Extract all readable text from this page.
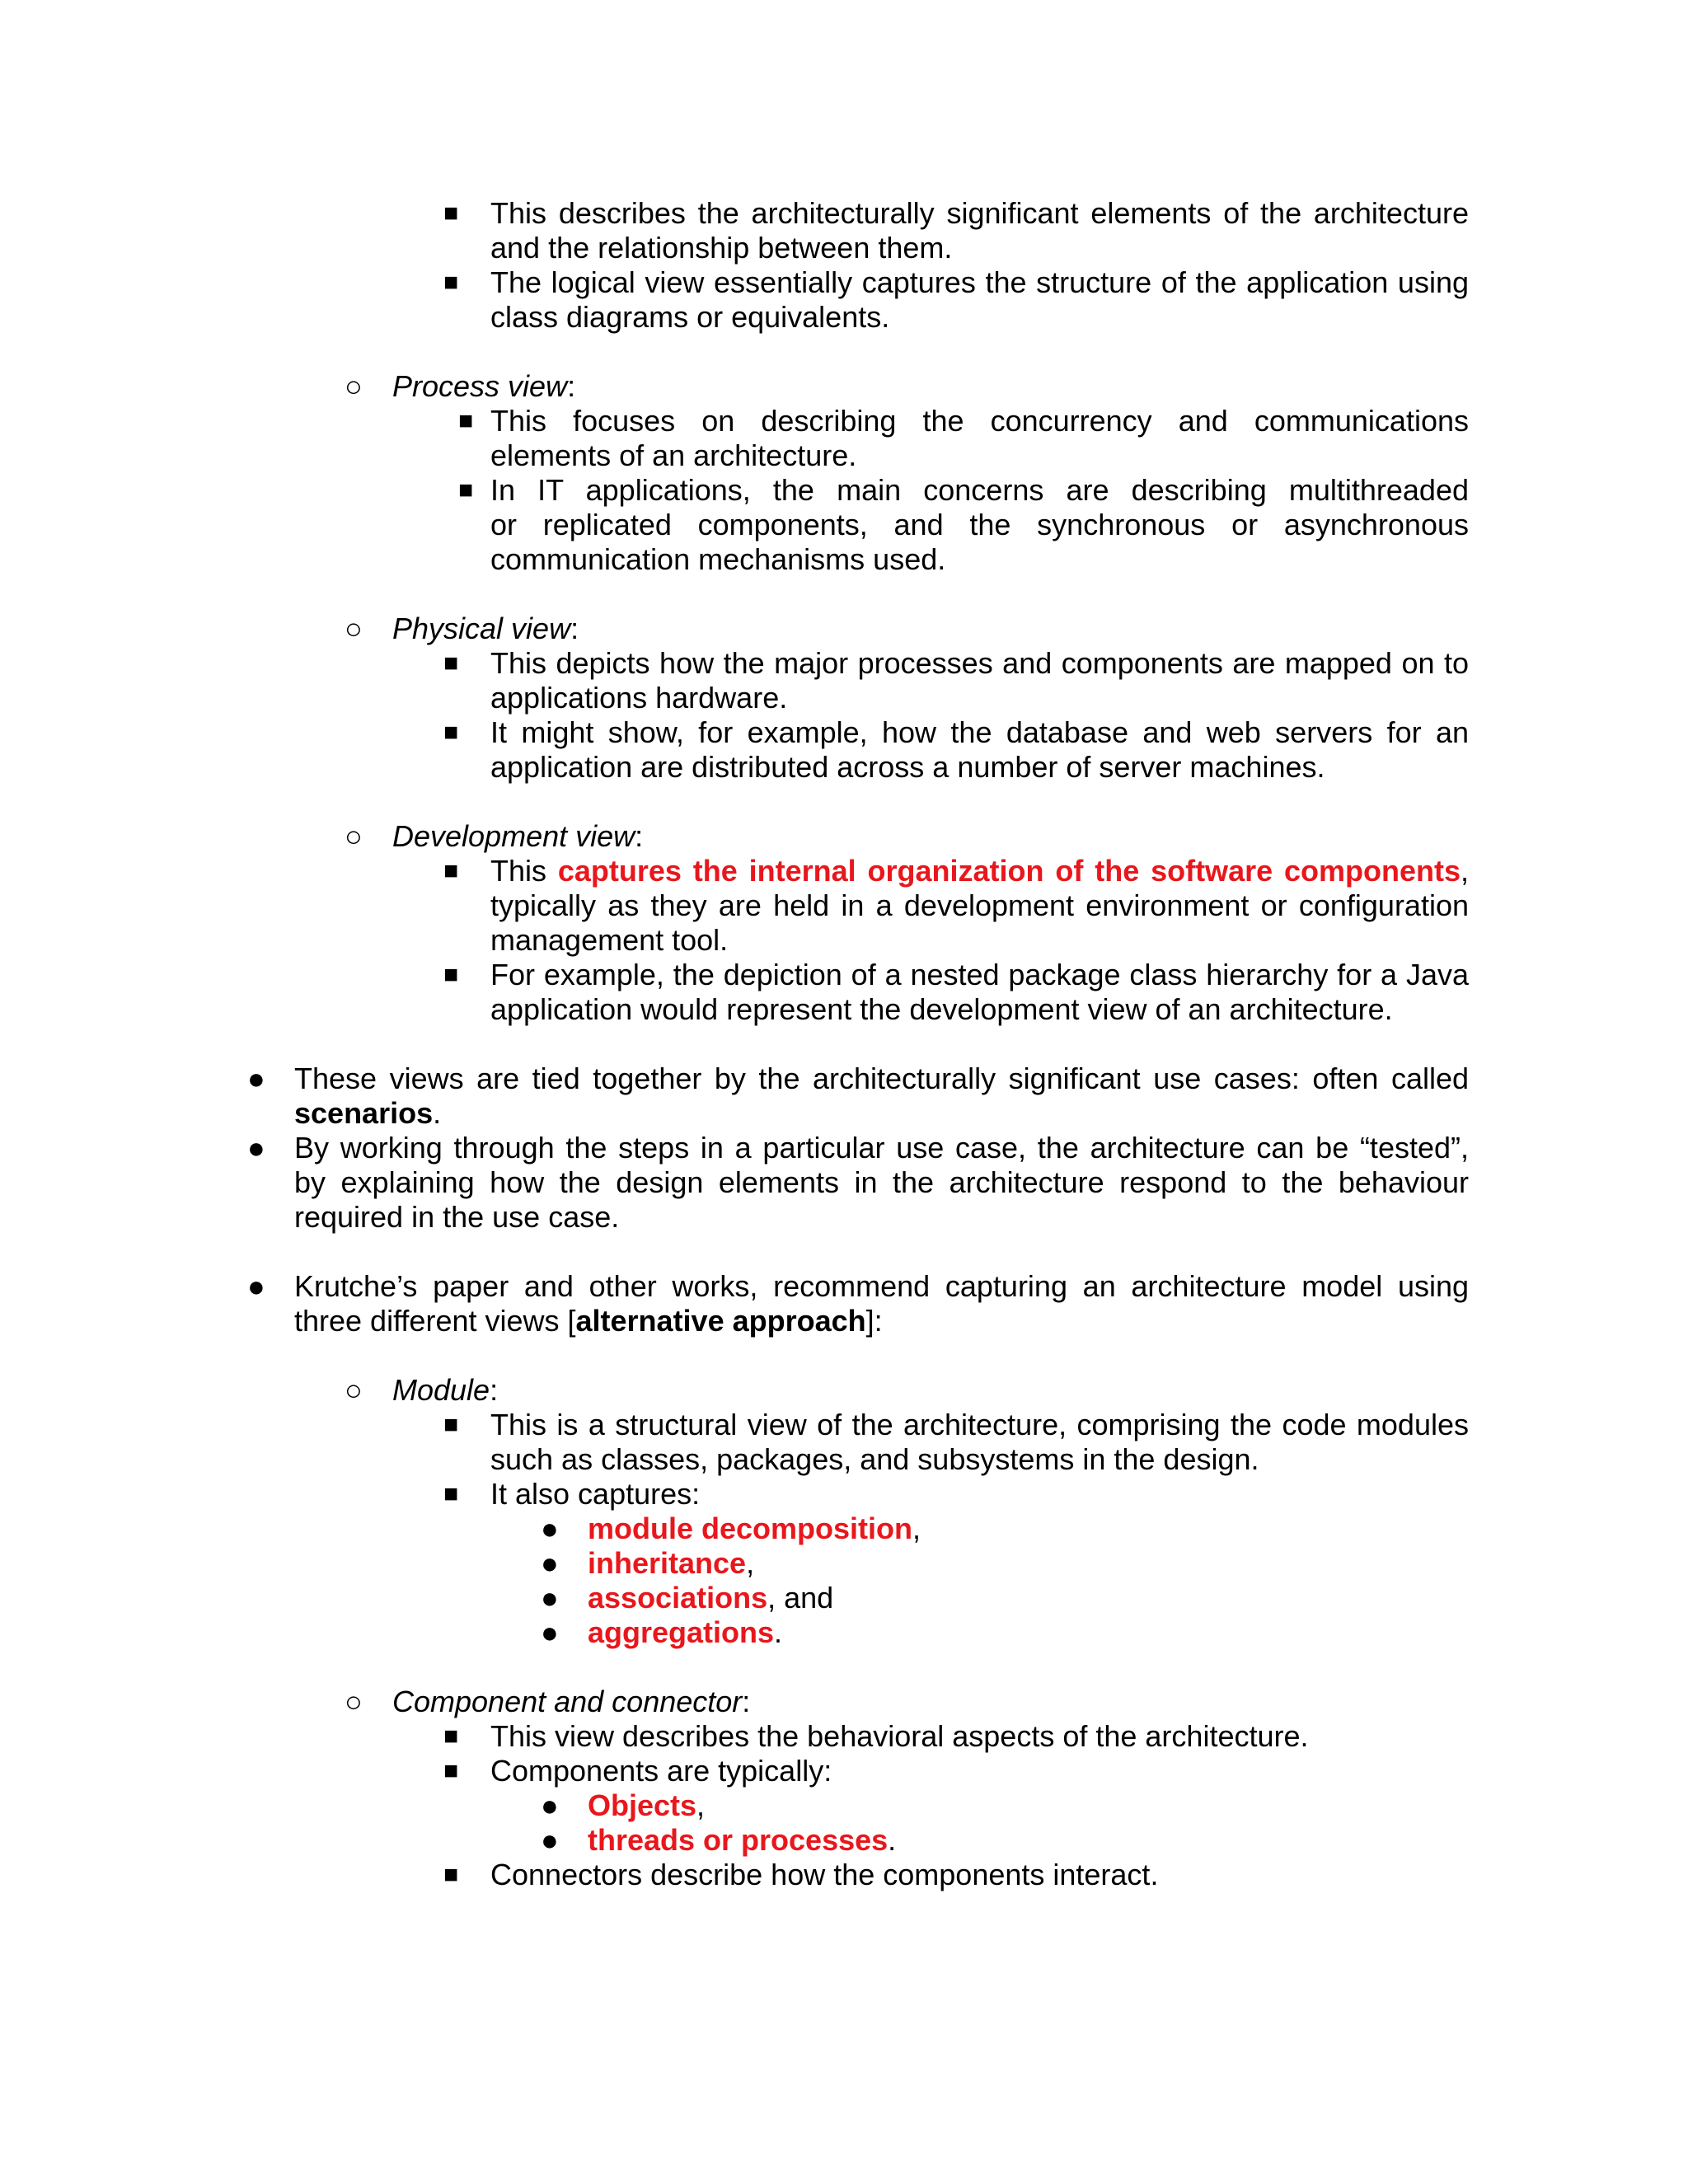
■ This describes the architecturally significant elements of the architecture
and the relationship between them.
■ The logical view essentially captures the structure of the application using
class diagrams or equivalents.
○ Process view:
■ This focuses on describing the concurrency and communications
elements of an architecture.
■ In IT applications, the main concerns are describing multithreaded
or replicated components, and the synchronous or asynchronous
communication mechanisms used.
○ Physical view:
■ This depicts how the major processes and components are mapped on to
applications hardware.
■ It might show, for example, how the database and web servers for an
application are distributed across a number of server machines.
○ Development view:
■ This captures the internal organization of the software components,
typically as they are held in a development environment or configuration
management tool.
■ For example, the depiction of a nested package class hierarchy for a Java
application would represent the development view of an architecture.
● These views are tied together by the architecturally significant use cases: often called
scenarios.
● By working through the steps in a particular use case, the architecture can be “tested”,
by explaining how the design elements in the architecture respond to the behaviour
required in the use case.
● Krutche’s paper and other works, recommend capturing an architecture model using
three different views [alternative approach]:
○ Module:
■ This is a structural view of the architecture, comprising the code modules
such as classes, packages, and subsystems in the design.
■ It also captures:
● module decomposition,
● inheritance,
● associations, and
● aggregations.
○ Component and connector:
■ This view describes the behavioral aspects of the architecture.
■ Components are typically:
● Objects,
● threads or processes.
■ Connectors describe how the components interact.
